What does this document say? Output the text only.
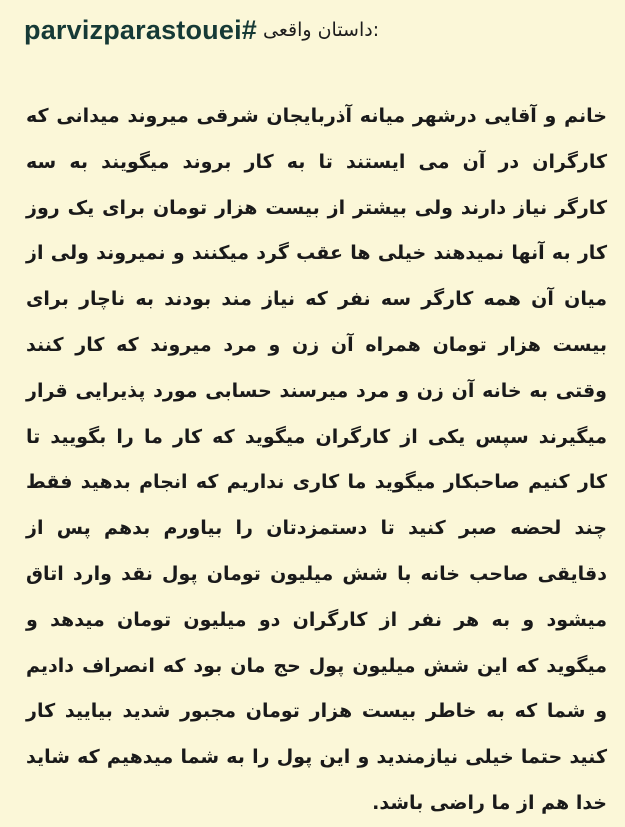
parvizparastouei# داستان واقعی:
خانم و آقایی درشهر میانه آذربایجان شرقی میروند میدانی که
کارگران در آن می ایستند تا به کار بروند میگویند به سه
کارگر نیاز دارند ولی بیشتر از بیست هزار تومان برای یک روز
کار به آنها نمیدهند خیلی ها عقب گرد میکنند و نمیروند ولی از
میان آن همه کارگر سه نفر که نیاز مند بودند به ناچار برای
بیست هزار تومان همراه آن زن و مرد میروند که کار کنند
وقتی به خانه آن زن و مرد میرسند حسابی مورد پذیرایی قرار
میگیرند سپس یکی از کارگران میگوید که کار ما را بگویید تا
کار کنیم صاحبکار میگوید ما کاری نداریم که انجام بدهید فقط
چند لحضه صبر کنید تا دستمزدتان را بیاورم بدهم پس از
دقایقی صاحب خانه با شش میلیون تومان پول نقد وارد اتاق
میشود و به هر نفر از کارگران دو میلیون تومان میدهد و
میگوید که این شش میلیون پول حج مان بود که انصراف دادیم
و شما که به خاطر بیست هزار تومان مجبور شدید بیایید کار
کنید حتما خیلی نیازمندید و این پول را به شما میدهیم که شاید
خدا هم از ما راضی باشد.
